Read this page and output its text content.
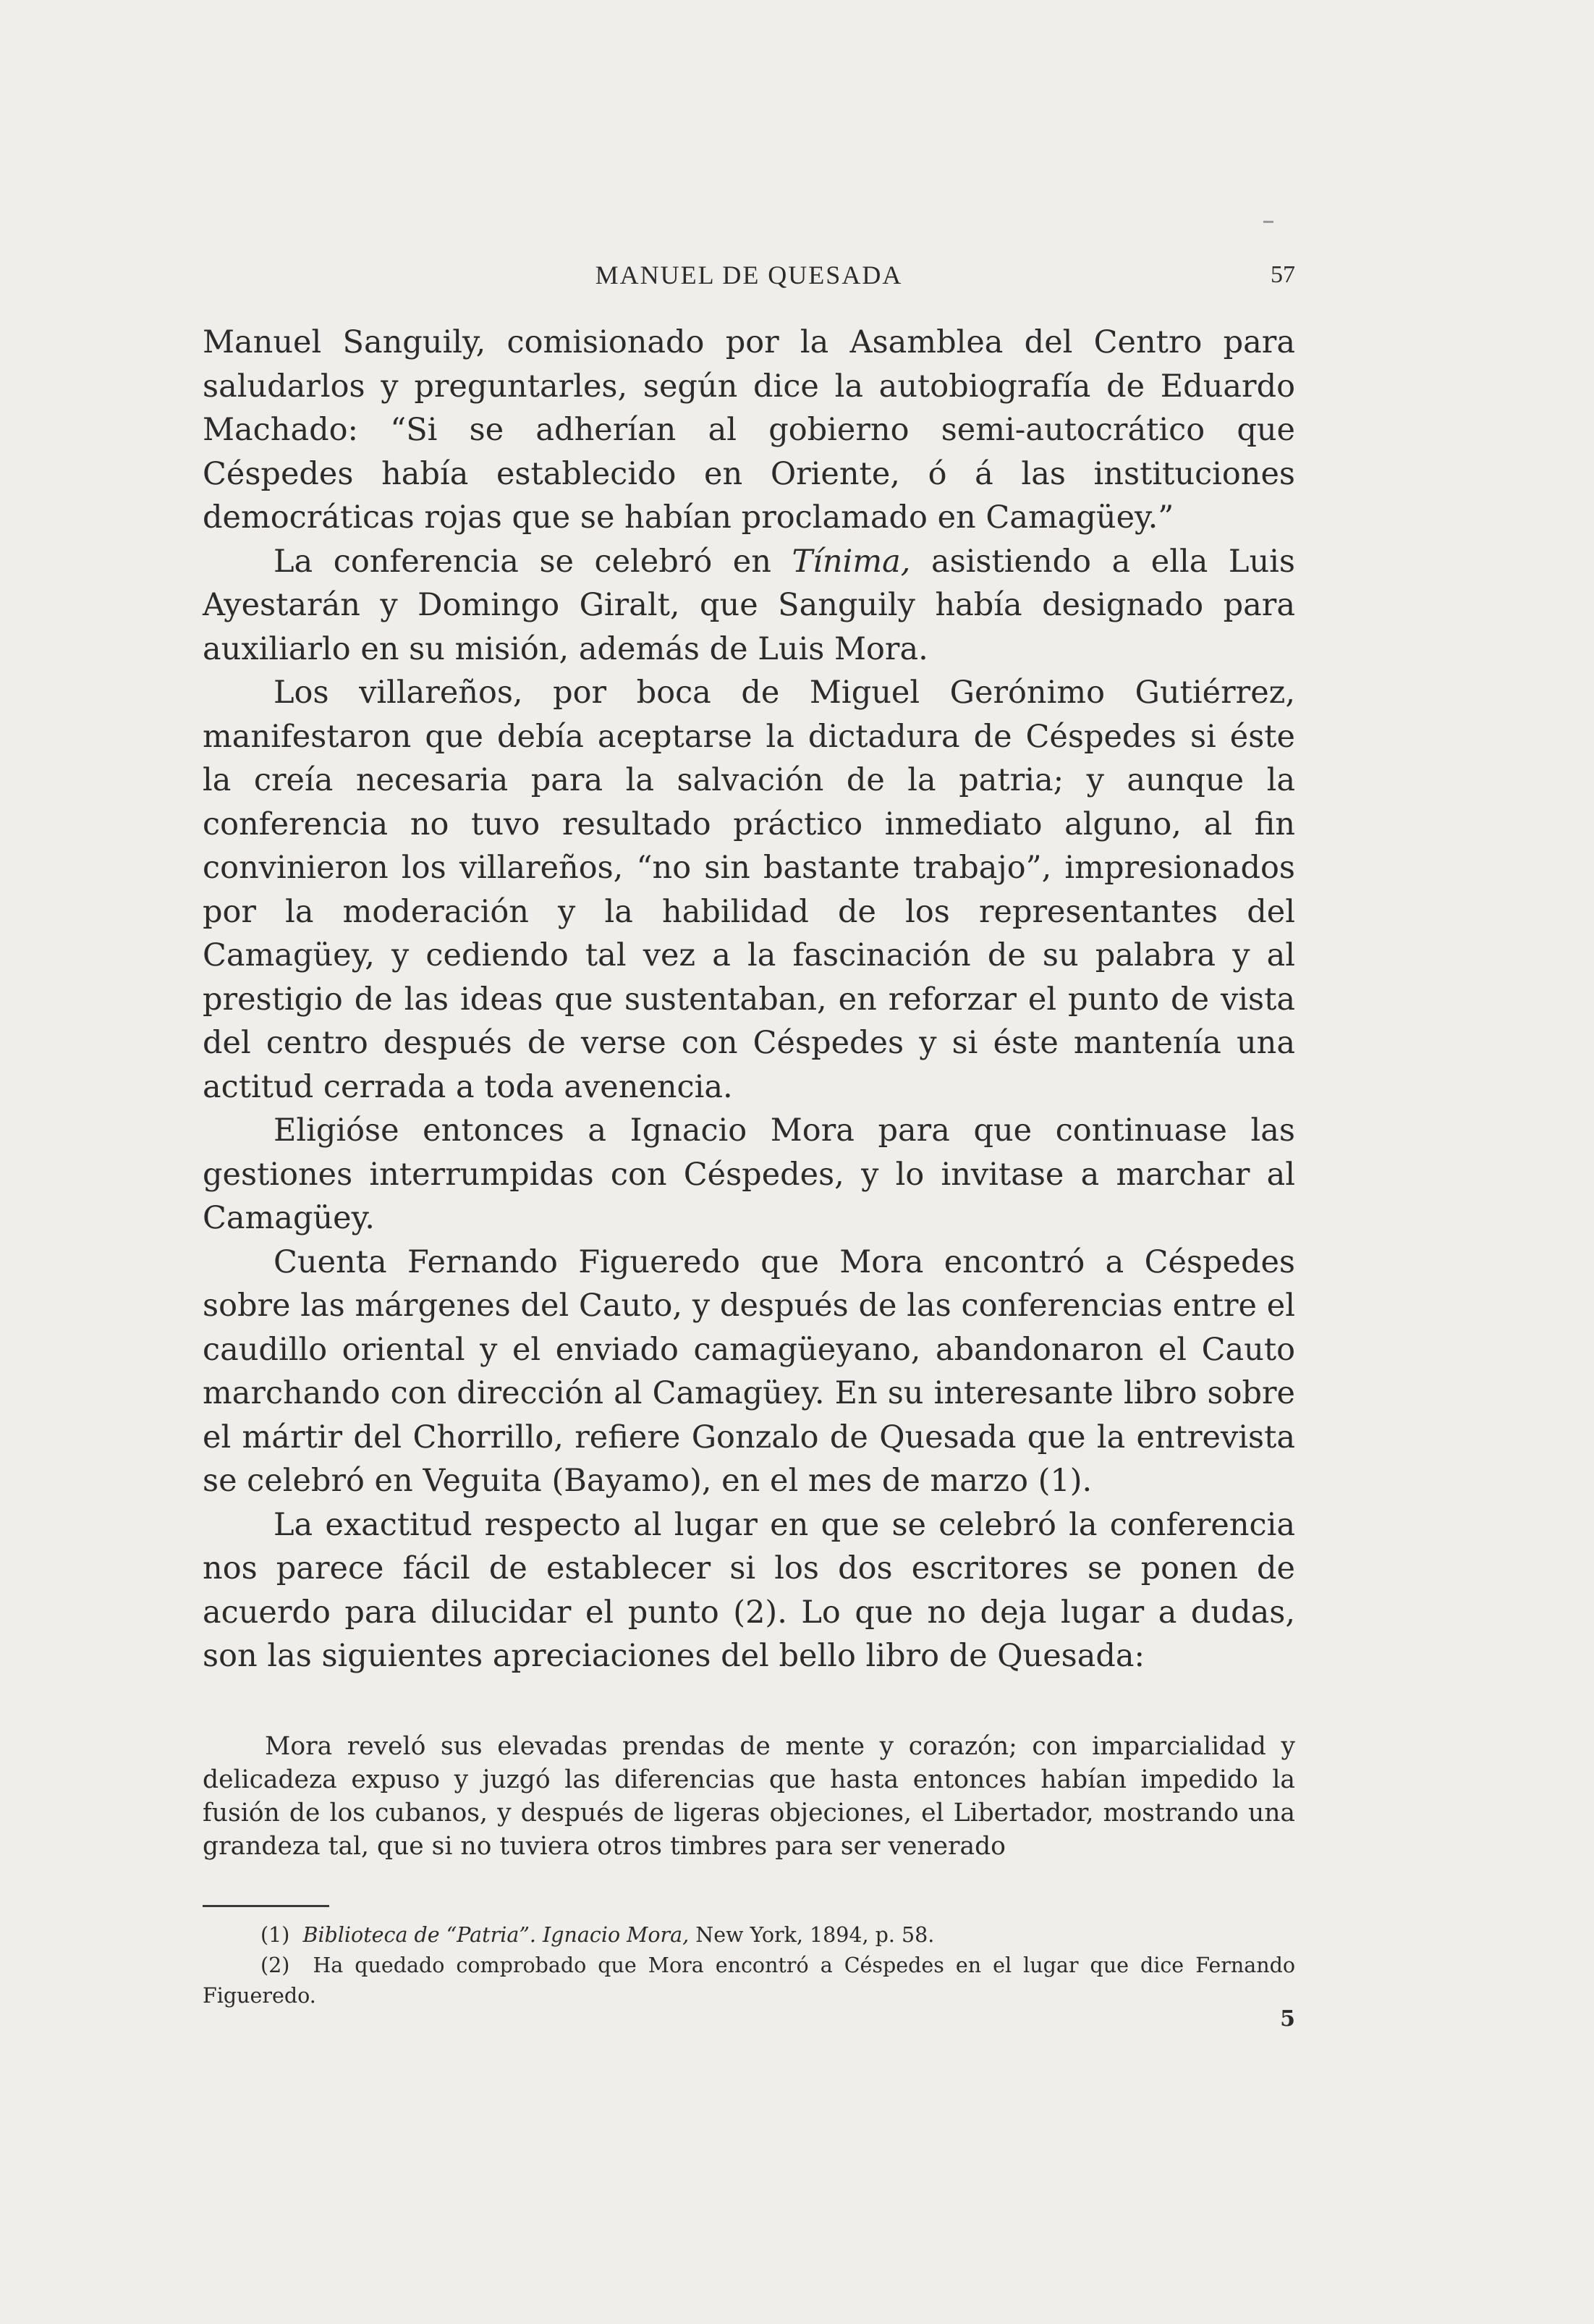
MANUEL DE QUESADA	57

Manuel Sanguily, comisionado por la Asamblea del Centro para saludarlos y preguntarles, según dice la autobiografía de Eduardo Machado: “Si se adherían al gobierno semi-autocrático que Céspedes había establecido en Oriente, ó á las instituciones democráticas rojas que se habían proclamado en Camagüey.”

La conferencia se celebró en Tínima, asistiendo a ella Luis Ayestarán y Domingo Giralt, que Sanguily había designado para auxiliarlo en su misión, además de Luis Mora.

Los villareños, por boca de Miguel Gerónimo Gutiérrez, manifestaron que debía aceptarse la dictadura de Céspedes si éste la creía necesaria para la salvación de la patria; y aunque la conferencia no tuvo resultado práctico inmediato alguno, al fin convinieron los villareños, “no sin bastante trabajo”, impresionados por la moderación y la habilidad de los representantes del Camagüey, y cediendo tal vez a la fascinación de su palabra y al prestigio de las ideas que sustentaban, en reforzar el punto de vista del centro después de verse con Céspedes y si éste mantenía una actitud cerrada a toda avenencia.

Eligióse entonces a Ignacio Mora para que continuase las gestiones interrumpidas con Céspedes, y lo invitase a marchar al Camagüey.

Cuenta Fernando Figueredo que Mora encontró a Céspedes sobre las márgenes del Cauto, y después de las conferencias entre el caudillo oriental y el enviado camagüeyano, abandonaron el Cauto marchando con dirección al Camagüey. En su interesante libro sobre el mártir del Chorrillo, refiere Gonzalo de Quesada que la entrevista se celebró en Veguita (Bayamo), en el mes de marzo (1).

La exactitud respecto al lugar en que se celebró la conferencia nos parece fácil de establecer si los dos escritores se ponen de acuerdo para dilucidar el punto (2). Lo que no deja lugar a dudas, son las siguientes apreciaciones del bello libro de Quesada:

Mora reveló sus elevadas prendas de mente y corazón; con imparcialidad y delicadeza expuso y juzgó las diferencias que hasta entonces habían impedido la fusión de los cubanos, y después de ligeras objeciones, el Libertador, mostrando una grandeza tal, que si no tuviera otros timbres para ser venerado

(1) Biblioteca de “Patria”. Ignacio Mora, New York, 1894, p. 58.

(2) Ha quedado comprobado que Mora encontró a Céspedes en el lugar que dice Fernando Figueredo.

5
